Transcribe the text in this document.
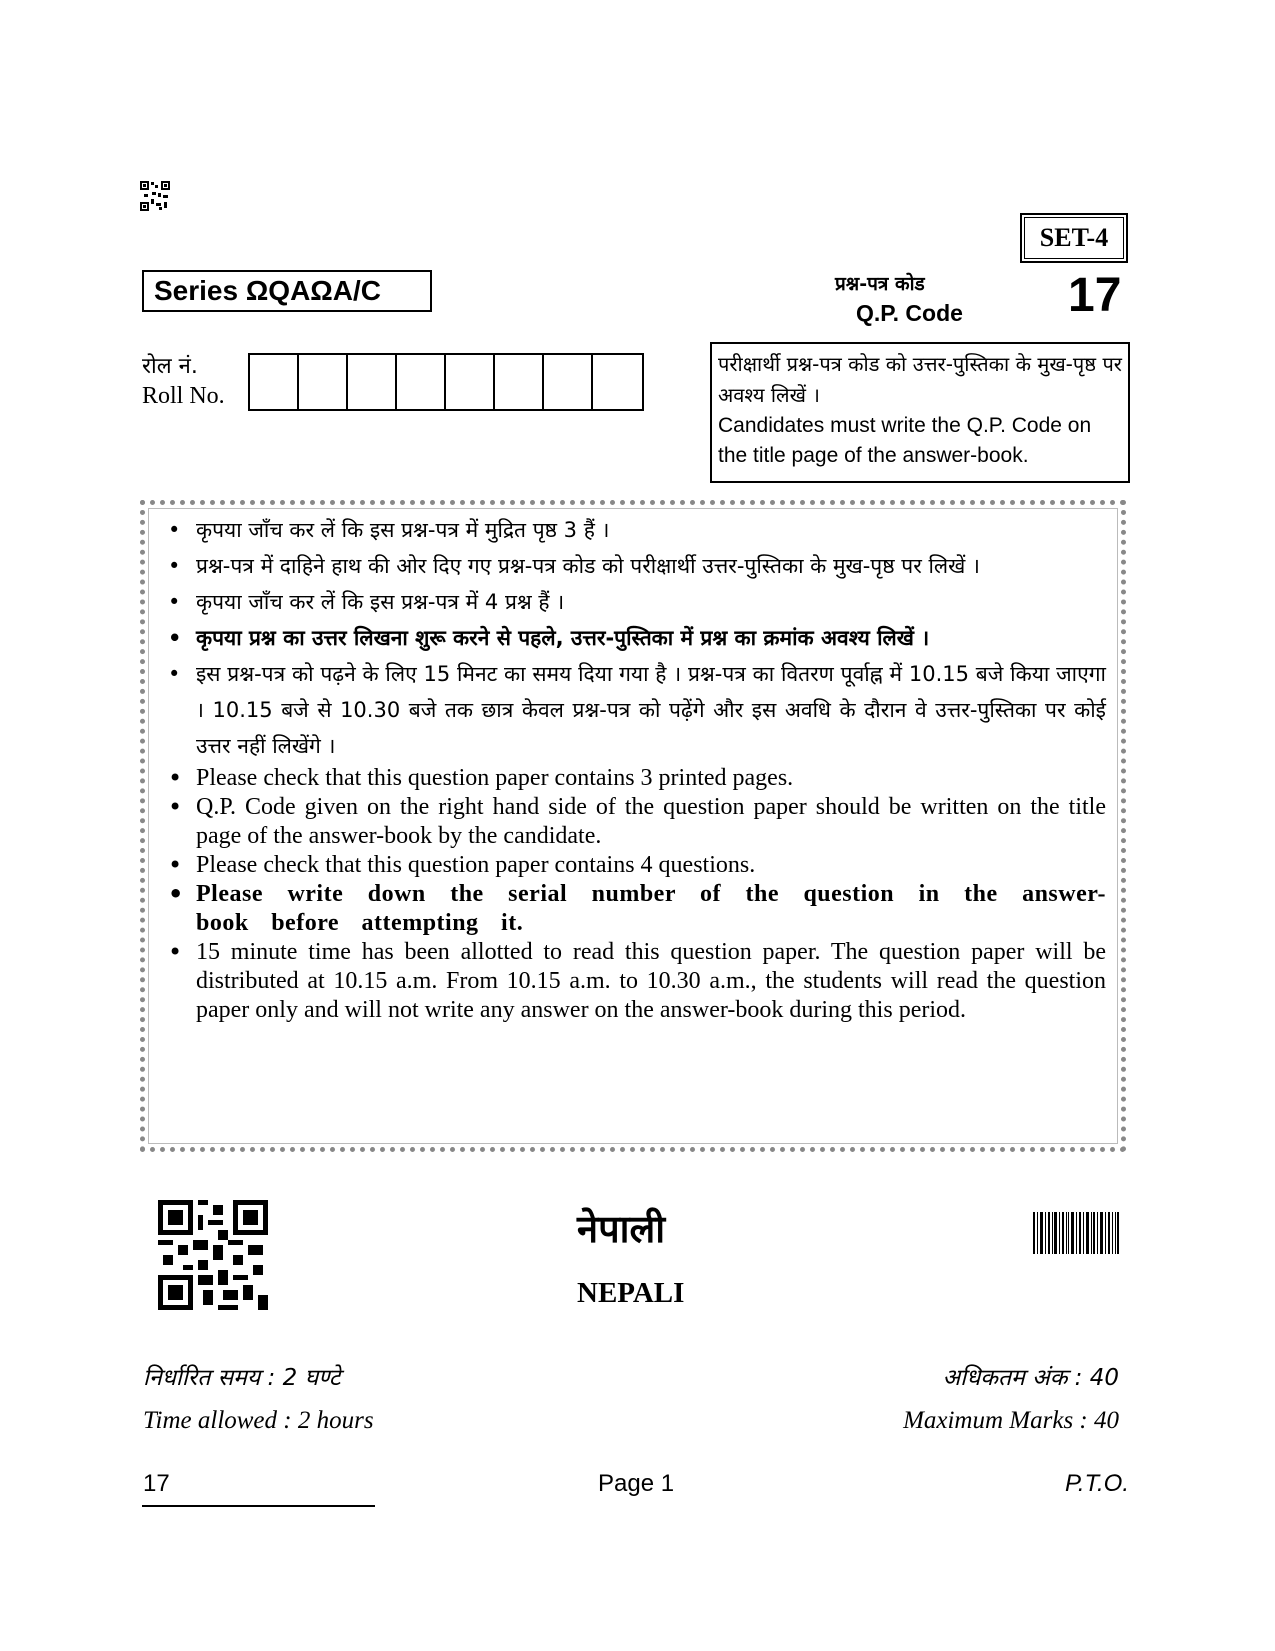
SET-4
Series ΩQAΩA/C	प्रश्न-पत्र कोड
Q.P. Code 17
रोल नं.
Roll No.
परीक्षार्थी प्रश्न-पत्र कोड को उत्तर-पुस्तिका के मुख-पृष्ठ पर अवश्य लिखें ।
Candidates must write the Q.P. Code on the title page of the answer-book.
• कृपया जाँच कर लें कि इस प्रश्न-पत्र में मुद्रित पृष्ठ 3 हैं ।
• प्रश्न-पत्र में दाहिने हाथ की ओर दिए गए प्रश्न-पत्र कोड को परीक्षार्थी उत्तर-पुस्तिका के मुख-पृष्ठ पर लिखें ।
• कृपया जाँच कर लें कि इस प्रश्न-पत्र में 4 प्रश्न हैं ।
• कृपया प्रश्न का उत्तर लिखना शुरू करने से पहले, उत्तर-पुस्तिका में प्रश्न का क्रमांक अवश्य लिखें ।
• इस प्रश्न-पत्र को पढ़ने के लिए 15 मिनट का समय दिया गया है । प्रश्न-पत्र का वितरण पूर्वाह्न में 10.15 बजे किया जाएगा । 10.15 बजे से 10.30 बजे तक छात्र केवल प्रश्न-पत्र को पढ़ेंगे और इस अवधि के दौरान वे उत्तर-पुस्तिका पर कोई उत्तर नहीं लिखेंगे ।
• Please check that this question paper contains 3 printed pages.
• Q.P. Code given on the right hand side of the question paper should be written on the title page of the answer-book by the candidate.
• Please check that this question paper contains 4 questions.
• Please write down the serial number of the question in the answer-book before attempting it.
• 15 minute time has been allotted to read this question paper. The question paper will be distributed at 10.15 a.m. From 10.15 a.m. to 10.30 a.m., the students will read the question paper only and will not write any answer on the answer-book during this period.
नेपाली
NEPALI
निर्धारित समय : 2 घण्टे
Time allowed : 2 hours
अधिकतम अंक : 40
Maximum Marks : 40
17	Page 1	P.T.O.
